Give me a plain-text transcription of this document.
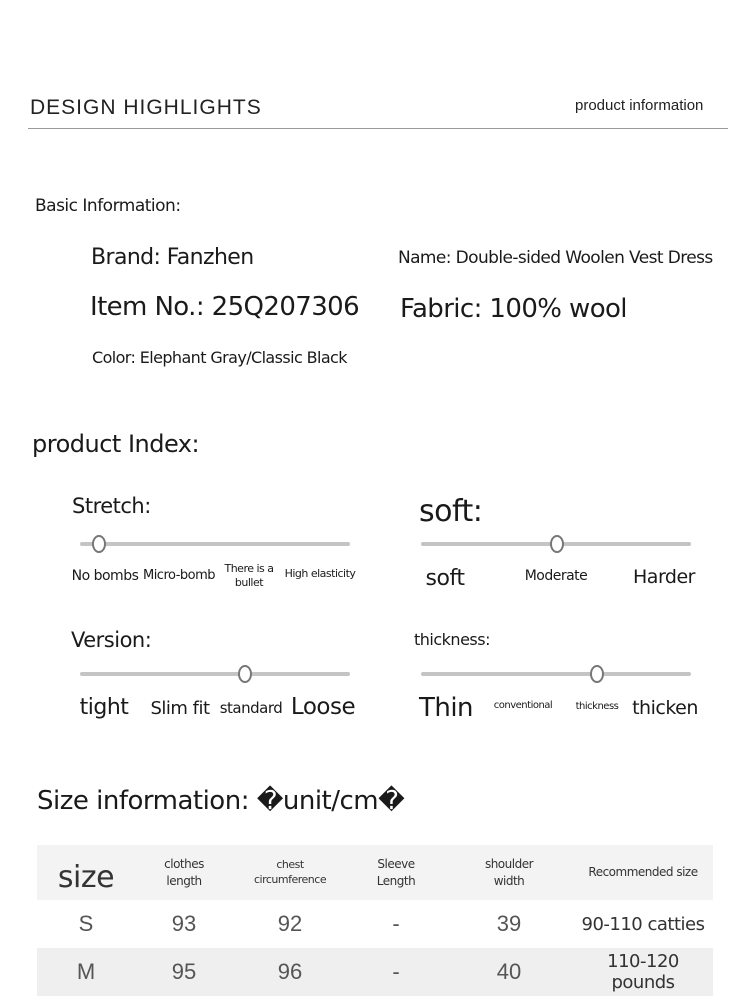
DESIGN HIGHLIGHTS	product information
Basic Information:
Brand: Fanzhen	Name: Double-sided Woolen Vest Dress
Item No.: 25Q207306 Fabric: 100% wool
Color: Elephant Gray/Classic Black
product Index:
Stretch:
No bombs Micro-bomb There is a bullet
High elasticity
soft:
soft	Moderate Harder
Version:
tight Slim fit standard Loose
thickness:
Thin conventional thickness thicken
Size information: �unit/cm�
size	clothes length	chest circumference	Sleeve Length	shoulder width	Recommended size
S	93	92	-	39	90-110 catties
M	95	96	-	40	110-120 pounds
